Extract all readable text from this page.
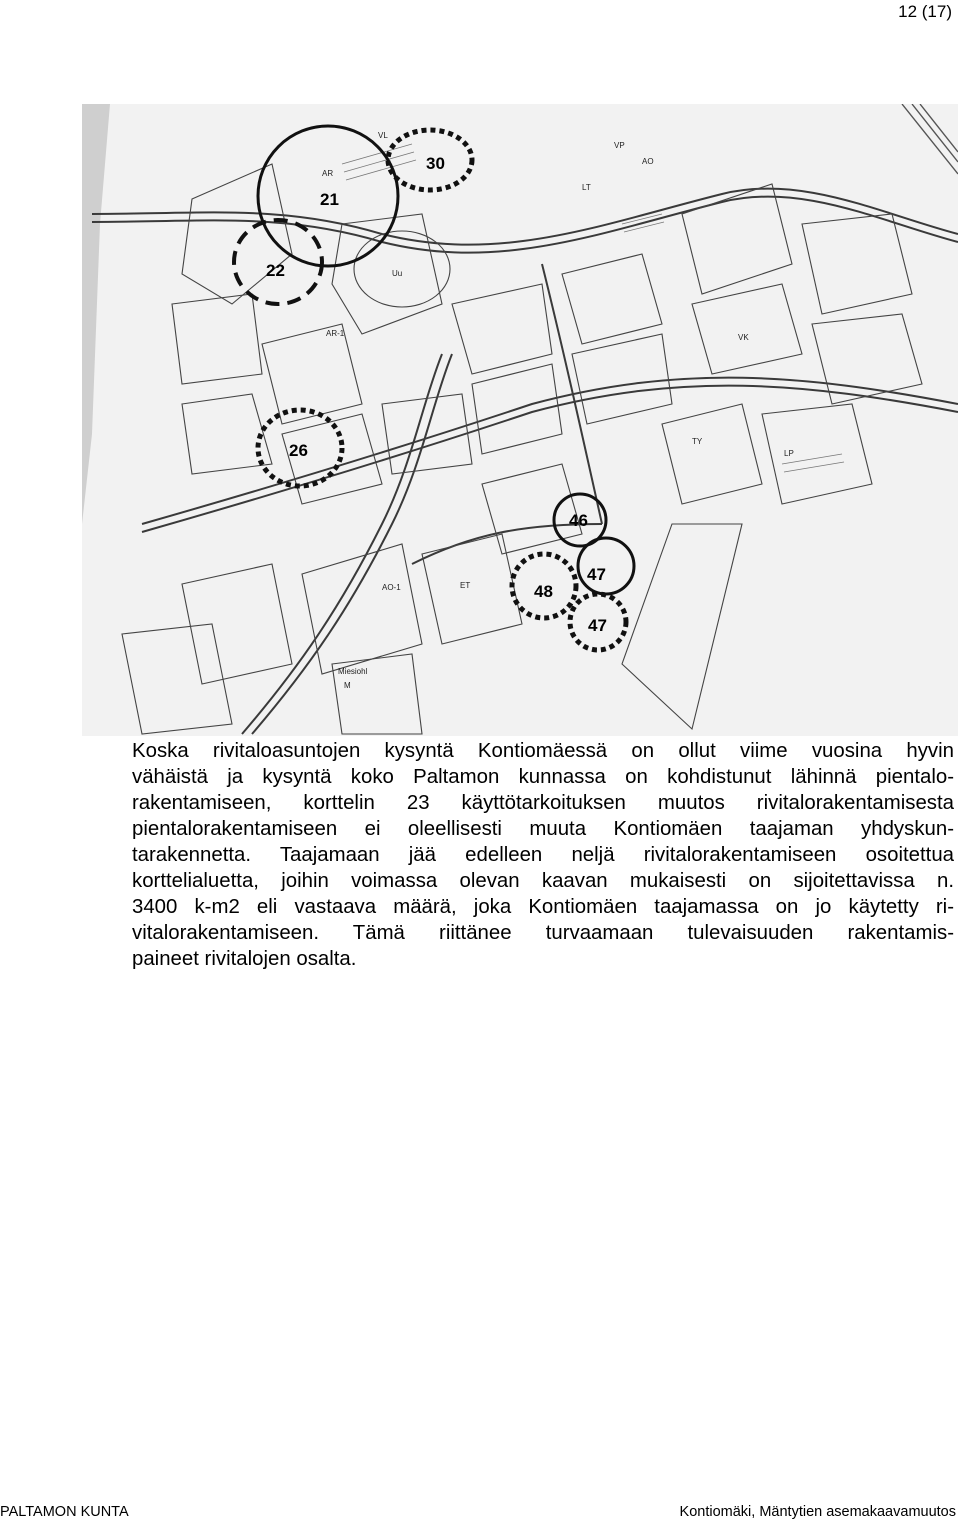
12 (17)
VL
AR
AO
LT
VP
Uu
TY
ET
LP
VK
M
AR-1
AO-1
Miesiohl
21
30
22
26
46
47
48
47
Koska rivitaloasuntojen kysyntä Kontiomäessä on ollut viime vuosina hyvin
vähäistä ja kysyntä koko Paltamon kunnassa on kohdistunut lähinnä pientalo-
rakentamiseen, korttelin 23 käyttötarkoituksen muutos rivitalorakentamisesta
pientalorakentamiseen ei oleellisesti muuta Kontiomäen taajaman yhdyskun-
tarakennetta. Taajamaan jää edelleen neljä rivitalorakentamiseen osoitettua
korttelialuetta, joihin voimassa olevan kaavan mukaisesti on sijoitettavissa n.
3400 k-m2 eli vastaava määrä, joka Kontiomäen taajamassa on jo käytetty ri-
vitalorakentamiseen. Tämä riittänee turvaamaan tulevaisuuden rakentamis-
paineet rivitalojen osalta.
PALTAMON KUNTA	Kontiomäki, Mäntytien asemakaavamuutos
